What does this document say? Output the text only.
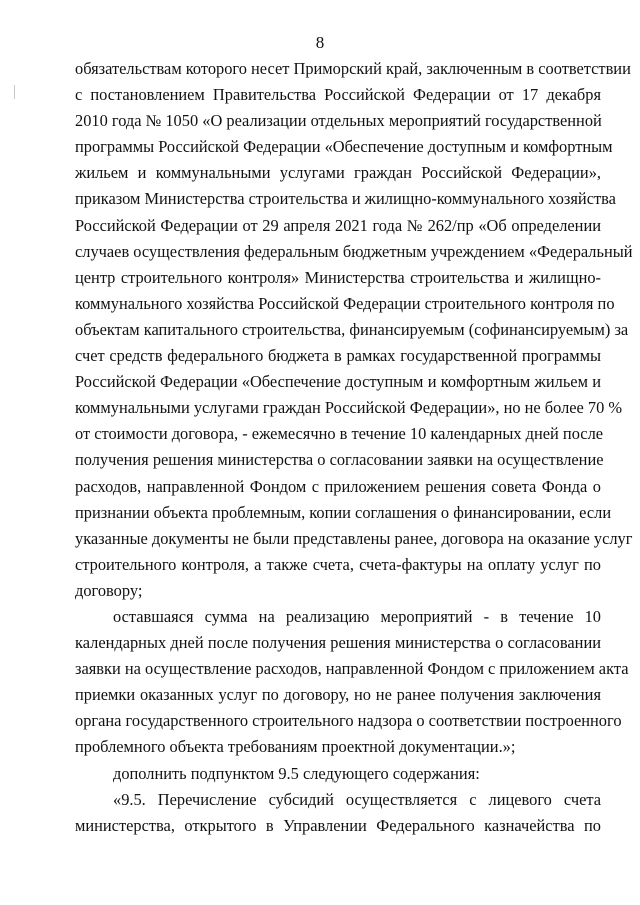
8
обязательствам которого несет Приморский край, заключенным в соответствии
с постановлением Правительства Российской Федерации от 17 декабря
2010 года № 1050 «О реализации отдельных мероприятий государственной
программы Российской Федерации «Обеспечение доступным и комфортным
жильем и коммунальными услугами граждан Российской Федерации»,
приказом Министерства строительства и жилищно-коммунального хозяйства
Российской Федерации от 29 апреля 2021 года № 262/пр «Об определении
случаев осуществления федеральным бюджетным учреждением «Федеральный
центр строительного контроля» Министерства строительства и жилищно-
коммунального хозяйства Российской Федерации строительного контроля по
объектам капитального строительства, финансируемым (софинансируемым) за
счет средств федерального бюджета в рамках государственной программы
Российской Федерации «Обеспечение доступным и комфортным жильем и
коммунальными услугами граждан Российской Федерации», но не более 70 %
от стоимости договора, - ежемесячно в течение 10 календарных дней после
получения решения министерства о согласовании заявки на осуществление
расходов, направленной Фондом с приложением решения совета Фонда о
признании объекта проблемным, копии соглашения о финансировании, если
указанные документы не были представлены ранее, договора на оказание услуг
строительного контроля, а также счета, счета-фактуры на оплату услуг по
договору;
оставшаяся сумма на реализацию мероприятий - в течение 10
календарных дней после получения решения министерства о согласовании
заявки на осуществление расходов, направленной Фондом с приложением акта
приемки оказанных услуг по договору, но не ранее получения заключения
органа государственного строительного надзора о соответствии построенного
проблемного объекта требованиям проектной документации.»;
дополнить подпунктом 9.5 следующего содержания:
«9.5. Перечисление субсидий осуществляется с лицевого счета
министерства, открытого в Управлении Федерального казначейства по
